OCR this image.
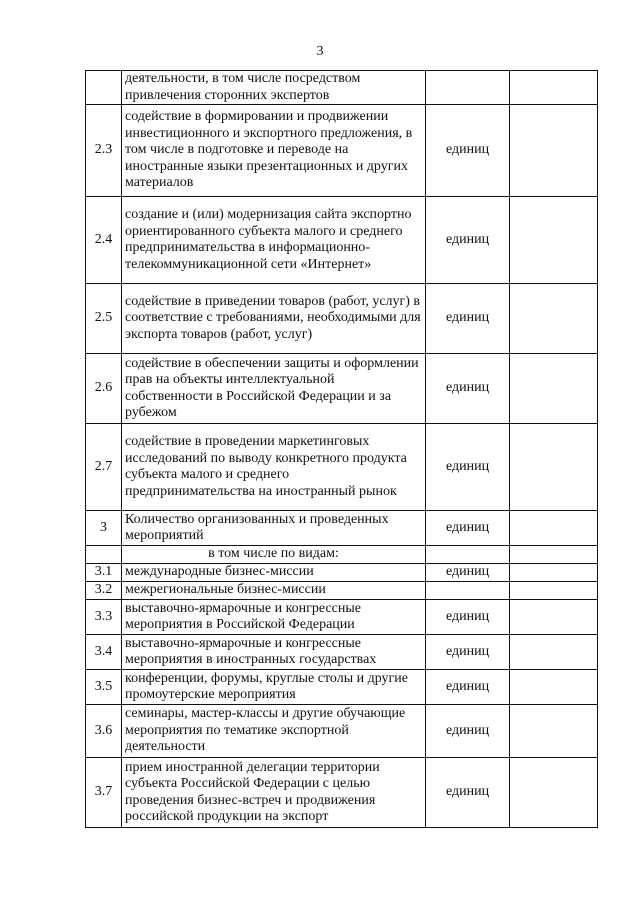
3
	деятельности, в том числе посредством привлечения сторонних экспертов		
2.3	содействие в формировании и продвижении инвестиционного и экспортного предложения, в том числе в подготовке и переводе на иностранные языки презентационных и других материалов	единиц	
2.4	создание и (или) модернизация сайта экспортно ориентированного субъекта малого и среднего предпринимательства в информационно-телекоммуникационной сети «Интернет»	единиц	
2.5	содействие в приведении товаров (работ, услуг) в соответствие с требованиями, необходимыми для экспорта товаров (работ, услуг)	единиц	
2.6	содействие в обеспечении защиты и оформлении прав на объекты интеллектуальной собственности в Российской Федерации и за рубежом	единиц	
2.7	содействие в проведении маркетинговых исследований по выводу конкретного продукта субъекта малого и среднего предпринимательства на иностранный рынок	единиц	
3	Количество организованных и проведенных мероприятий	единиц	
	в том числе по видам:		
3.1	международные бизнес-миссии	единиц	
3.2	межрегиональные бизнес-миссии		
3.3	выставочно-ярмарочные и конгрессные мероприятия в Российской Федерации	единиц	
3.4	выставочно-ярмарочные и конгрессные мероприятия в иностранных государствах	единиц	
3.5	конференции, форумы, круглые столы и другие промоутерские мероприятия	единиц	
3.6	семинары, мастер-классы и другие обучающие мероприятия по тематике экспортной деятельности	единиц	
3.7	прием иностранной делегации территории субъекта Российской Федерации с целью проведения бизнес-встреч и продвижения российской продукции на экспорт	единиц	
